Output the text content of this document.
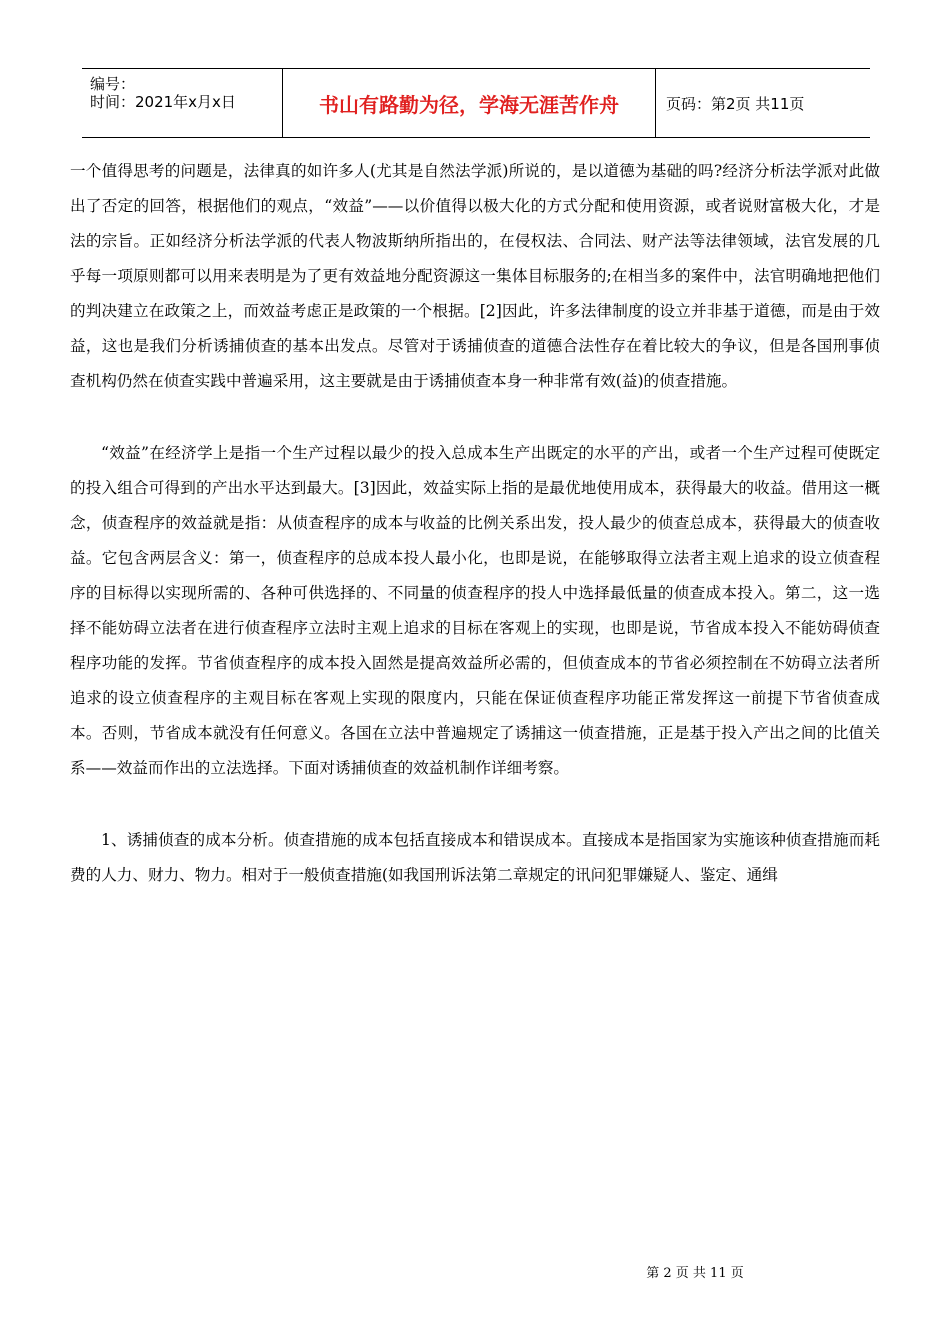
编号：
时间：2021年x月x日	书山有路勤为径，学海无涯苦作舟	页码：第2页 共11页

一个值得思考的问题是，法律真的如许多人(尤其是自然法学派)所说的，是以道德为基础的吗?经济分析法学派对此做出了否定的回答，根据他们的观点，“效益”——以价值得以极大化的方式分配和使用资源，或者说财富极大化，才是法的宗旨。正如经济分析法学派的代表人物波斯纳所指出的，在侵权法、合同法、财产法等法律领域，法官发展的几乎每一项原则都可以用来表明是为了更有效益地分配资源这一集体目标服务的;在相当多的案件中，法官明确地把他们的判决建立在政策之上，而效益考虑正是政策的一个根据。[2]因此，许多法律制度的设立并非基于道德，而是由于效益，这也是我们分析诱捕侦查的基本出发点。尽管对于诱捕侦查的道德合法性存在着比较大的争议，但是各国刑事侦查机构仍然在侦查实践中普遍采用，这主要就是由于诱捕侦查本身一种非常有效(益)的侦查措施。

“效益”在经济学上是指一个生产过程以最少的投入总成本生产出既定的水平的产出，或者一个生产过程可使既定的投入组合可得到的产出水平达到最大。[3]因此，效益实际上指的是最优地使用成本，获得最大的收益。借用这一概念，侦查程序的效益就是指：从侦查程序的成本与收益的比例关系出发，投人最少的侦查总成本，获得最大的侦查收益。它包含两层含义：第一，侦查程序的总成本投人最小化，也即是说，在能够取得立法者主观上追求的设立侦查程序的目标得以实现所需的、各种可供选择的、不同量的侦查程序的投人中选择最低量的侦查成本投入。第二，这一选择不能妨碍立法者在进行侦查程序立法时主观上追求的目标在客观上的实现，也即是说，节省成本投入不能妨碍侦查程序功能的发挥。节省侦查程序的成本投入固然是提高效益所必需的，但侦查成本的节省必须控制在不妨碍立法者所追求的设立侦查程序的主观目标在客观上实现的限度内，只能在保证侦查程序功能正常发挥这一前提下节省侦查成本。否则，节省成本就没有任何意义。各国在立法中普遍规定了诱捕这一侦查措施，正是基于投入产出之间的比值关系——效益而作出的立法选择。下面对诱捕侦查的效益机制作详细考察。

1、诱捕侦查的成本分析。侦查措施的成本包括直接成本和错误成本。直接成本是指国家为实施该种侦查措施而耗费的人力、财力、物力。相对于一般侦查措施(如我国刑诉法第二章规定的讯问犯罪嫌疑人、鉴定、通缉

第 2 页 共 11 页
